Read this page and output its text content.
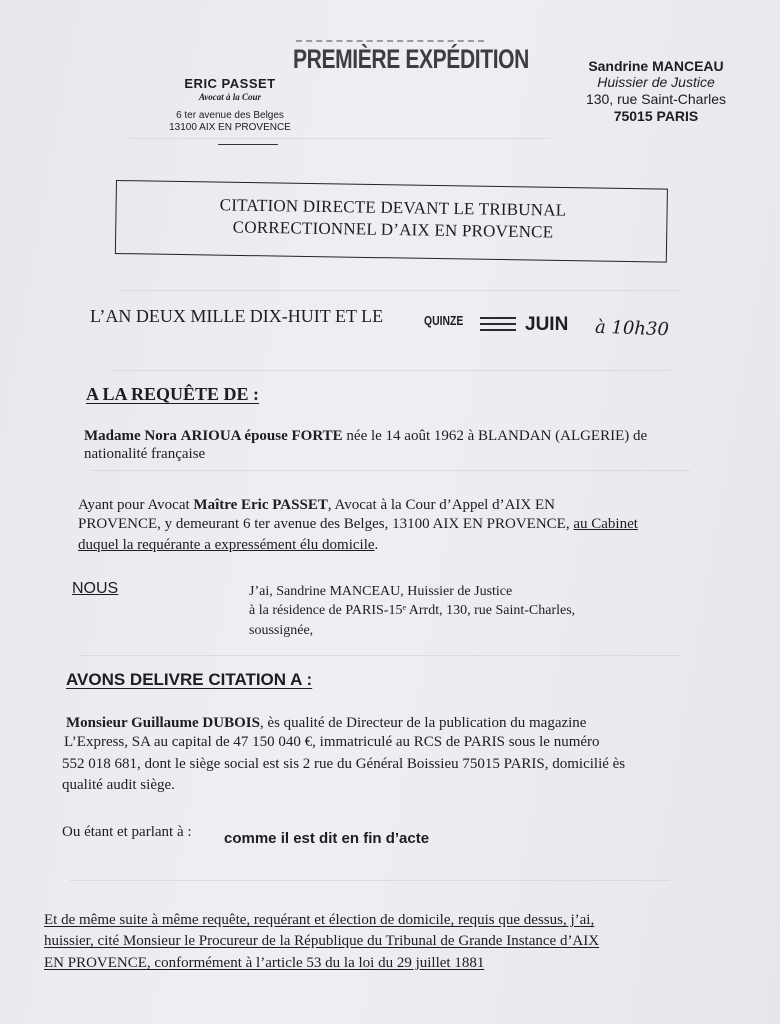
ERIC PASSET
Avocat à la Cour
6 ter avenue des Belges
13100 AIX EN PROVENCE
PREMIÈRE EXPÉDITION	Sandrine MANCEAU
Huissier de Justice
130, rue Saint-Charles
75015 PARIS
CITATION DIRECTE DEVANT LE TRIBUNAL
CORRECTIONNEL D’AIX EN PROVENCE
L’AN DEUX MILLE DIX-HUIT ET LE	QUINZE	JUIN à 10h30
A LA REQUÊTE DE :
Madame Nora ARIOUA épouse FORTE née le 14 août 1962 à BLANDAN (ALGERIE) de
nationalité française
Ayant pour Avocat Maître Eric PASSET, Avocat à la Cour d’Appel d’AIX EN
PROVENCE, y demeurant 6 ter avenue des Belges, 13100 AIX EN PROVENCE, au Cabinet
duquel la requérante a expressément élu domicile.
NOUS	J’ai, Sandrine MANCEAU, Huissier de Justice
à la résidence de PARIS-15ᵉ Arrdt, 130, rue Saint-Charles,
soussignée,
AVONS DELIVRE CITATION A :
Monsieur Guillaume DUBOIS, ès qualité de Directeur de la publication du magazine
L’Express, SA au capital de 47 150 040 €, immatriculé au RCS de PARIS sous le numéro
552 018 681, dont le siège social est sis 2 rue du Général Boissieu 75015 PARIS, domicilié ès
qualité audit siège.
Ou étant et parlant à : comme il est dit en fin d’acte
Et de même suite à même requête, requérant et élection de domicile, requis que dessus, j’ai,
huissier, cité Monsieur le Procureur de la République du Tribunal de Grande Instance d’AIX
EN PROVENCE, conformément à l’article 53 du la loi du 29 juillet 1881
